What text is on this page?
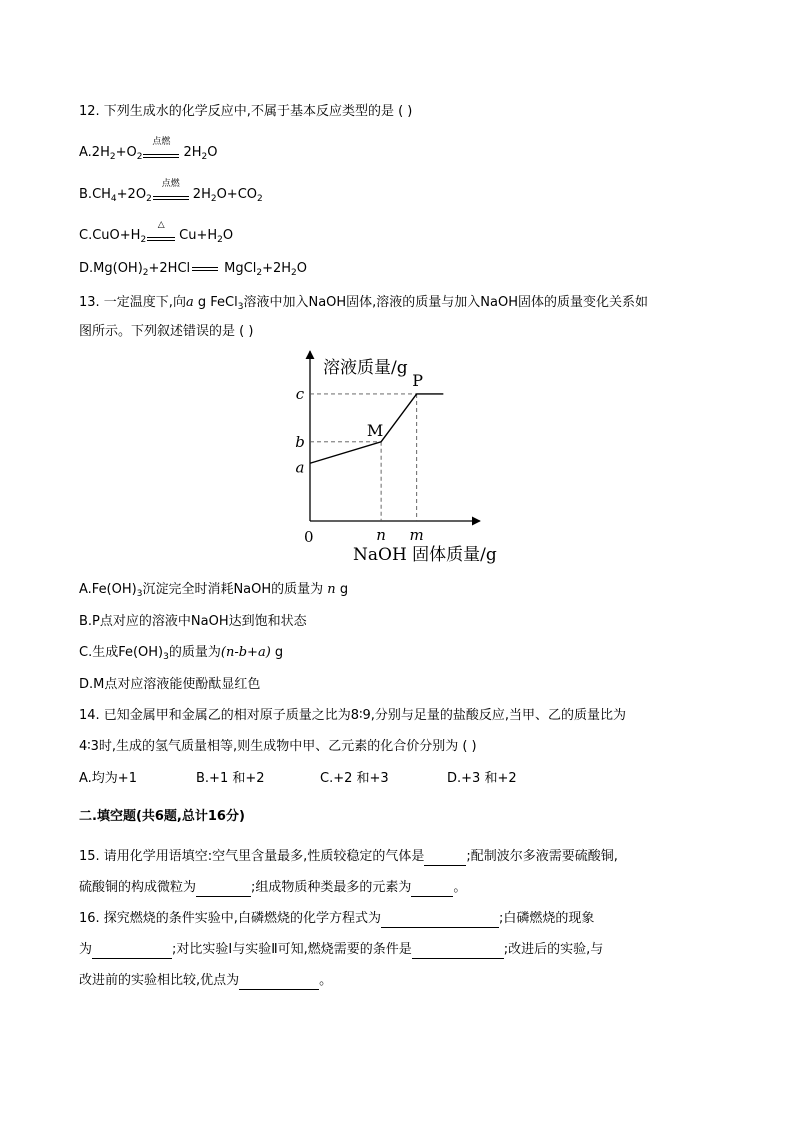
12. 下列生成水的化学反应中,不属于基本反应类型的是 ( )
$A.2H_2+O_2$
点燃
$2H_2O$
$B.CH_4+2O_2$
点燃
$2H_2O+CO_2$
$C.CuO+H_2$
△
$Cu+H_2O$
$D.Mg(OH)_2+2HCl$	$MgCl_2+2H_2O$
13. 一定温度下,向a g FeCl$_3$溶液中加入NaOH固体,溶液的质量与加入NaOH固体的质量变化关系如
图所示。下列叙述错误的是 ( )
溶液质量/g
NaOH 固体质量/g
0	n m
c
b
a
M
P
$A.Fe(OH)_3$沉淀完全时消耗NaOH的质量为 n g
B.P点对应的溶液中NaOH达到饱和状态
C.生成$Fe(OH)_3$的质量为(n-b+a) g
D.M点对应溶液能使酚酞显红色
14. 已知金属甲和金属乙的相对原子质量之比为8∶9,分别与足量的盐酸反应,当甲、乙的质量比为
4∶3时,生成的氢气质量相等,则生成物中甲、乙元素的化合价分别为 ( )
A.均为+1	B.+1 和+2	C.+2 和+3	D.+3 和+2
二.填空题(共6题,总计16分)
15. 请用化学用语填空:空气里含量最多,性质较稳定的气体是	;配制波尔多液需要硫酸铜,
硫酸铜的构成微粒为	;组成物质种类最多的元素为	。
16. 探究燃烧的条件实验中,白磷燃烧的化学方程式为	;白磷燃烧的现象
为	;对比实验Ⅰ与实验Ⅱ可知,燃烧需要的条件是	;改进后的实验,与
改进前的实验相比较,优点为	。
